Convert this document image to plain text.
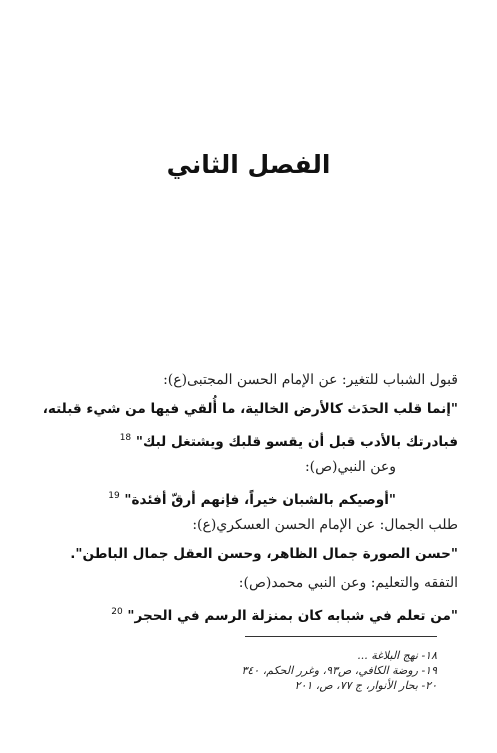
الفصل الثاني
قبول الشباب للتغير: عن الإمام الحسن المجتبى(ع):
"إنما قلب الحدَث كالأرض الخالية، ما أُلقي فيها من شيء قبلته،
فبادرتك بالأدب قبل أن يقسو قلبك ويشتغل لبك" $^{18}$
وعن النبي(ص):
"أوصيكم بالشبان خيراً، فإنهم أرقّ أفئدة" $^{19}$
طلب الجمال: عن الإمام الحسن العسكري(ع):
"حسن الصورة جمال الظاهر، وحسن العقل جمال الباطن".
التفقه والتعليم: وعن النبي محمد(ص):
"من تعلم في شبابه كان بمنزلة الرسم في الحجر" $^{20}$
١٨- نهج البلاغة ...
١٩- روضة الكافي، ص٩٣، وغرر الحكم، ٣٤٠
٢٠- بحار الأنوار، ج ٧٧، ص، ٢٠١
